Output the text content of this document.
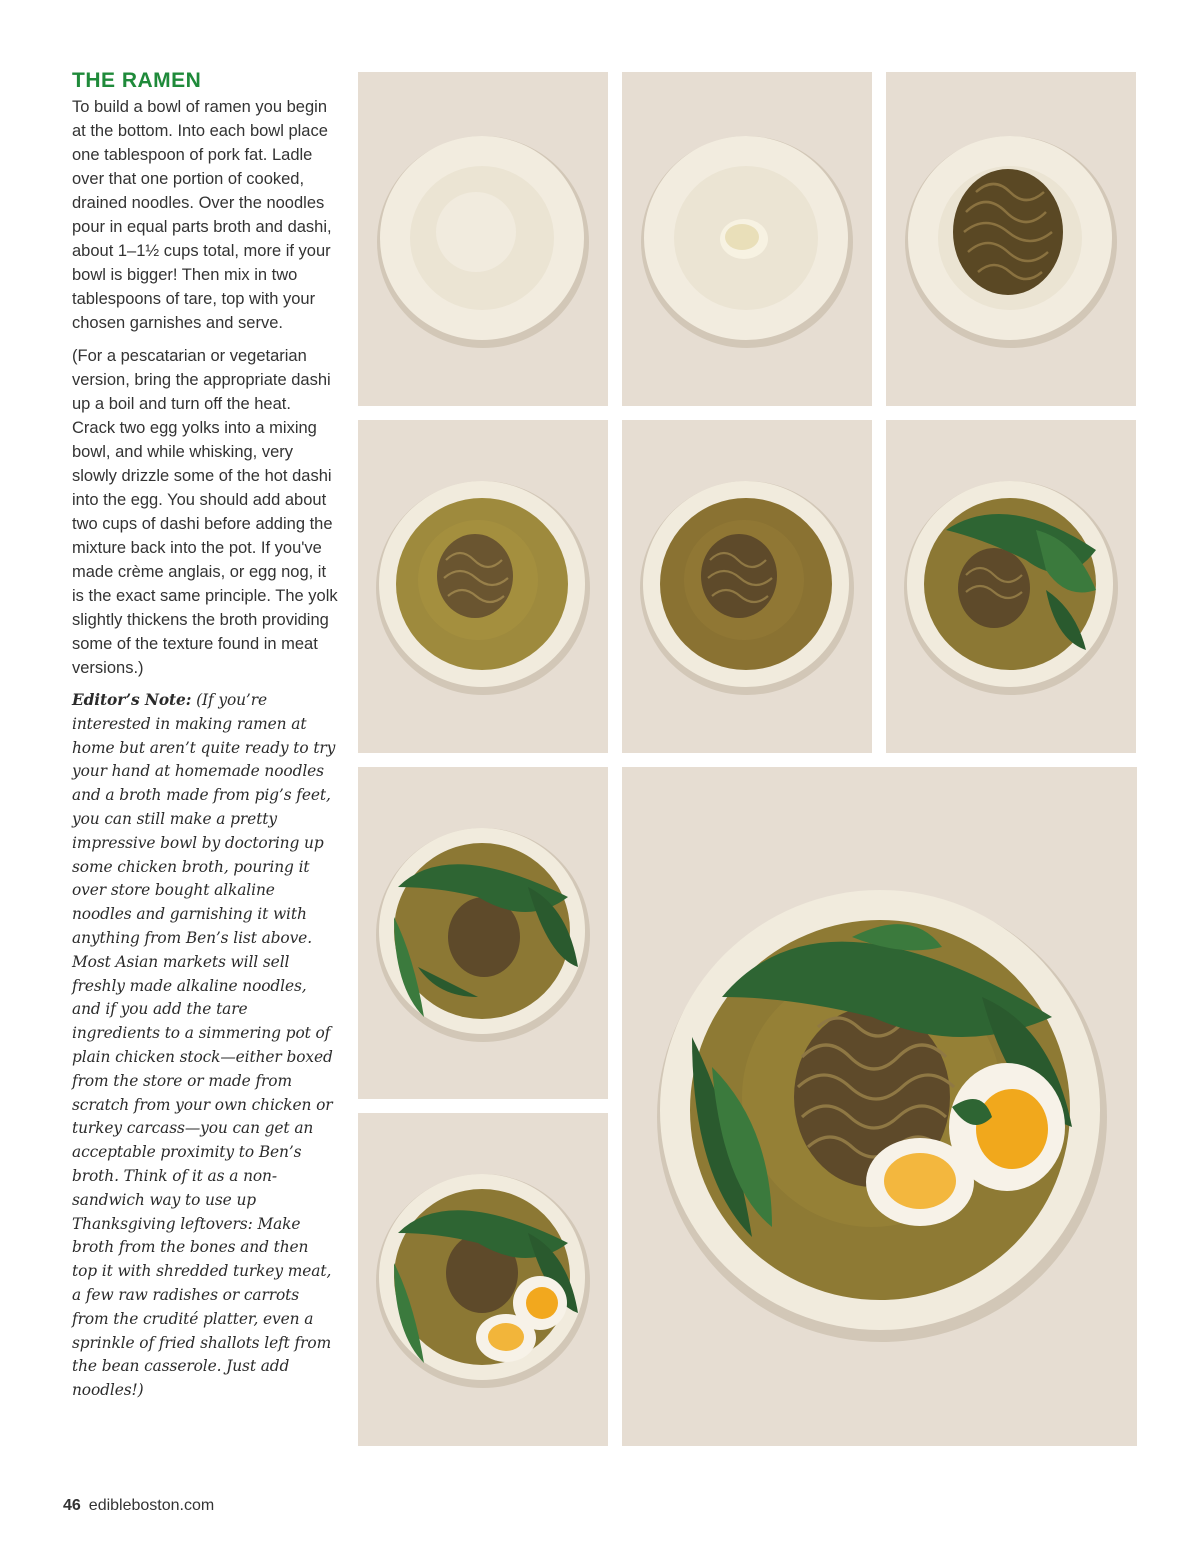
THE RAMEN

To build a bowl of ramen you begin at the bottom. Into each bowl place one tablespoon of pork fat. Ladle over that one portion of cooked, drained noodles. Over the noodles pour in equal parts broth and dashi, about 1–1½ cups total, more if your bowl is bigger! Then mix in two tablespoons of tare, top with your chosen garnishes and serve.

(For a pescatarian or vegetarian version, bring the appropriate dashi up a boil and turn off the heat. Crack two egg yolks into a mixing bowl, and while whisking, very slowly drizzle some of the hot dashi into the egg. You should add about two cups of dashi before adding the mixture back into the pot. If you've made crème anglais, or egg nog, it is the exact same principle. The yolk slightly thickens the broth providing some of the texture found in meat versions.)

Editor’s Note: (If you’re interested in making ramen at home but aren’t quite ready to try your hand at homemade noodles and a broth made from pig’s feet, you can still make a pretty impressive bowl by doctoring up some chicken broth, pouring it over store bought alkaline noodles and garnishing it with anything from Ben’s list above. Most Asian markets will sell freshly made alkaline noodles, and if you add the tare ingredients to a simmering pot of plain chicken stock—either boxed from the store or made from scratch from your own chicken or turkey carcass—you can get an acceptable proximity to Ben’s broth. Think of it as a non-sandwich way to use up Thanksgiving leftovers: Make broth from the bones and then top it with shredded turkey meat, a few raw radishes or carrots from the crudité platter, even a sprinkle of fried shallots left from the bean casserole. Just add noodles!)

46 edibleboston.com
